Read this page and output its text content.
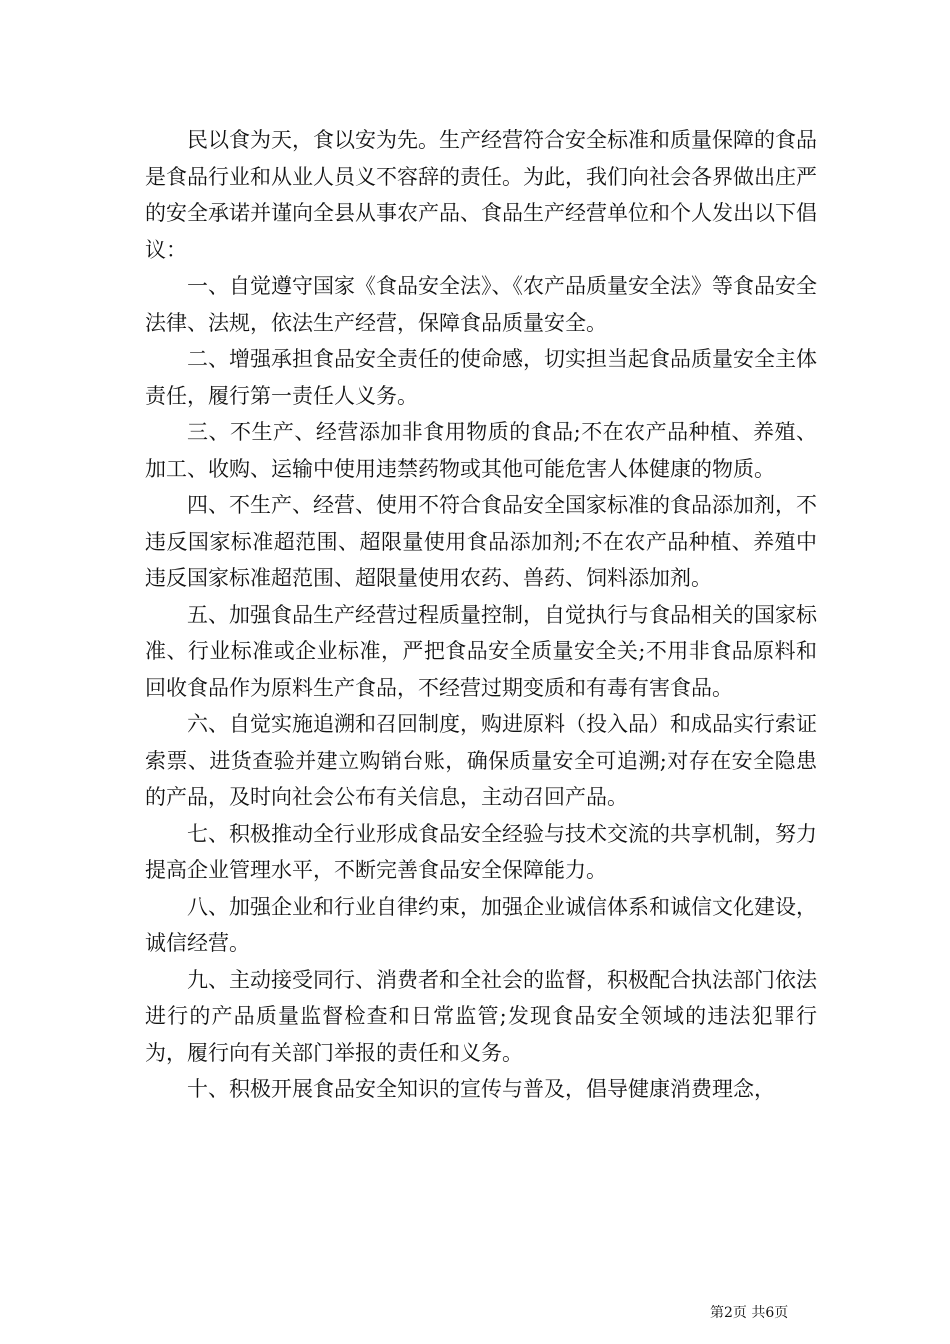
民以食为天，食以安为先。生产经营符合安全标准和质量保障的食品是食品行业和从业人员义不容辞的责任。为此，我们向社会各界做出庄严的安全承诺并谨向全县从事农产品、食品生产经营单位和个人发出以下倡议：

一、自觉遵守国家《食品安全法》、《农产品质量安全法》等食品安全法律、法规，依法生产经营，保障食品质量安全。

二、增强承担食品安全责任的使命感，切实担当起食品质量安全主体责任，履行第一责任人义务。

三、不生产、经营添加非食用物质的食品;不在农产品种植、养殖、加工、收购、运输中使用违禁药物或其他可能危害人体健康的物质。

四、不生产、经营、使用不符合食品安全国家标准的食品添加剂，不违反国家标准超范围、超限量使用食品添加剂;不在农产品种植、养殖中违反国家标准超范围、超限量使用农药、兽药、饲料添加剂。

五、加强食品生产经营过程质量控制，自觉执行与食品相关的国家标准、行业标准或企业标准，严把食品安全质量安全关;不用非食品原料和回收食品作为原料生产食品，不经营过期变质和有毒有害食品。

六、自觉实施追溯和召回制度，购进原料（投入品）和成品实行索证索票、进货查验并建立购销台账，确保质量安全可追溯;对存在安全隐患的产品，及时向社会公布有关信息，主动召回产品。

七、积极推动全行业形成食品安全经验与技术交流的共享机制，努力提高企业管理水平，不断完善食品安全保障能力。

八、加强企业和行业自律约束，加强企业诚信体系和诚信文化建设，诚信经营。

九、主动接受同行、消费者和全社会的监督，积极配合执法部门依法进行的产品质量监督检查和日常监管;发现食品安全领域的违法犯罪行为，履行向有关部门举报的责任和义务。

十、积极开展食品安全知识的宣传与普及，倡导健康消费理念，

第2页 共6页
